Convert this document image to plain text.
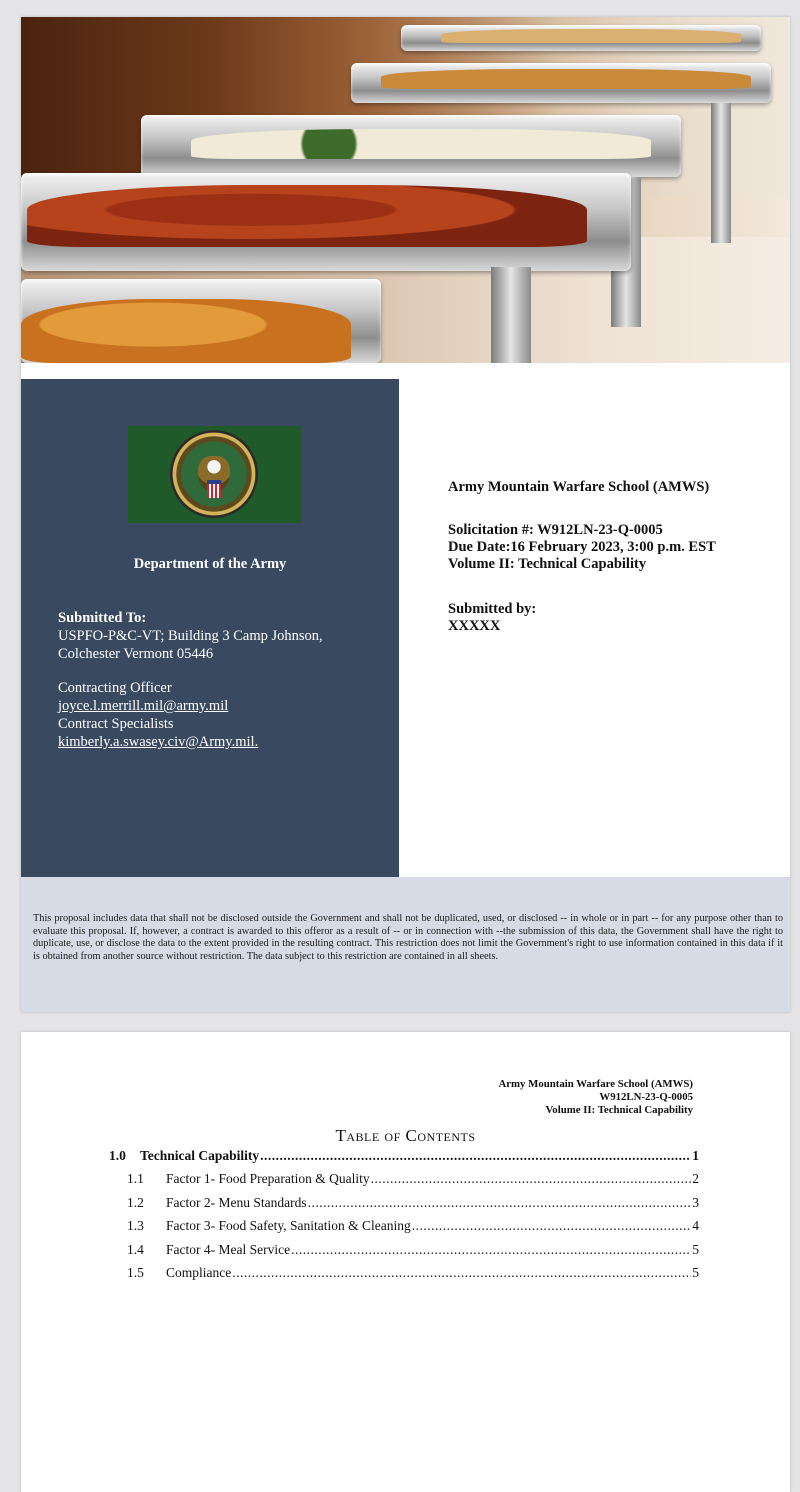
Department of the Army
Submitted To:
USPFO-P&C-VT; Building 3 Camp Johnson,
Colchester Vermont 05446
Contracting Officer
joyce.l.merrill.mil@army.mil
Contract Specialists
kimberly.a.swasey.civ@Army.mil.
Army Mountain Warfare School (AMWS)
Solicitation #: W912LN-23-Q-0005
Due Date:16 February 2023, 3:00 p.m. EST
Volume II: Technical Capability
Submitted by:
XXXXX

This proposal includes data that shall not be disclosed outside the Government and shall not be duplicated, used, or disclosed -- in whole or in part -- for any purpose other than to evaluate this proposal. If, however, a contract is awarded to this offeror as a result of -- or in connection with --the submission of this data, the Government shall have the right to duplicate, use, or disclose the data to the extent provided in the resulting contract. This restriction does not limit the Government's right to use information contained in this data if it is obtained from another source without restriction. The data subject to this restriction are contained in all sheets.

Army Mountain Warfare School (AMWS)
W912LN-23-Q-0005
Volume II: Technical Capability
Table of Contents
1.0	Technical Capability .....	1
1.1	Factor 1- Food Preparation & Quality .....	2
1.2	Factor 2- Menu Standards .....	3
1.3	Factor 3- Food Safety, Sanitation & Cleaning .....	4
1.4	Factor 4- Meal Service .....	5
1.5	Compliance .....	5
